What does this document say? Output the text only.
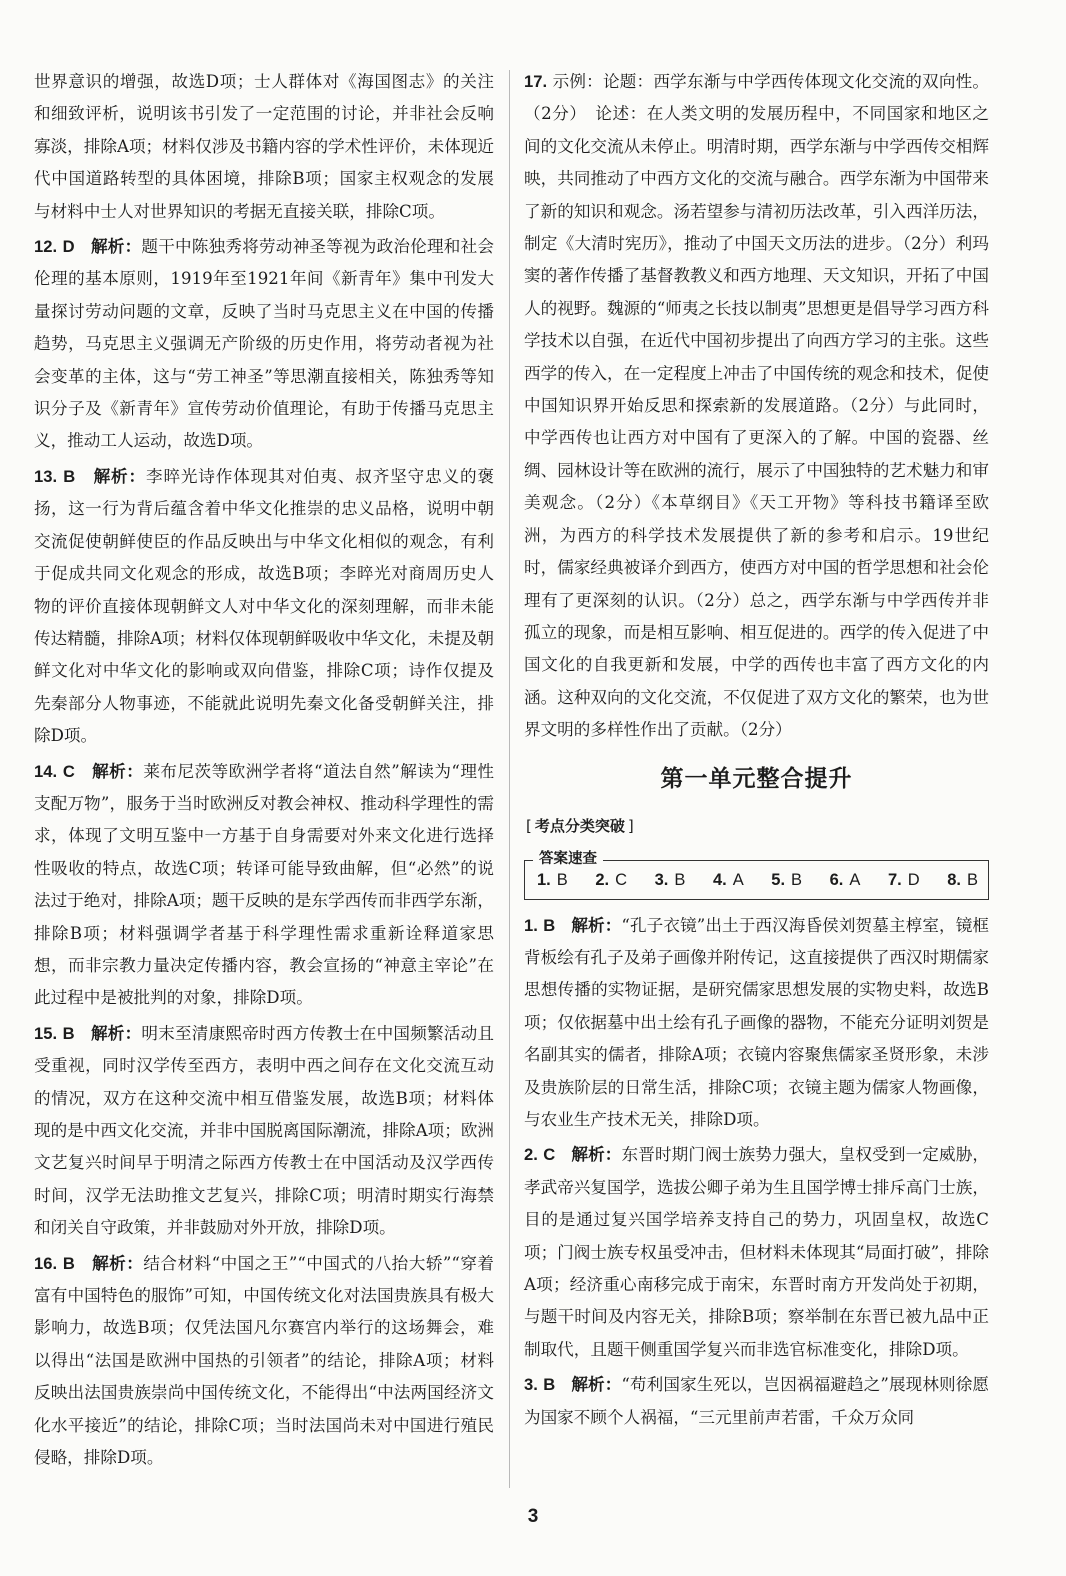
世界意识的增强，故选D项；士人群体对《海国图志》的关注和细致评析，说明该书引发了一定范围的讨论，并非社会反响寡淡，排除A项；材料仅涉及书籍内容的学术性评价，未体现近代中国道路转型的具体困境，排除B项；国家主权观念的发展与材料中士人对世界知识的考据无直接关联，排除C项。

12. D 解析：题干中陈独秀将劳动神圣等视为政治伦理和社会伦理的基本原则，1919年至1921年间《新青年》集中刊发大量探讨劳动问题的文章，反映了当时马克思主义在中国的传播趋势，马克思主义强调无产阶级的历史作用，将劳动者视为社会变革的主体，这与“劳工神圣”等思潮直接相关，陈独秀等知识分子及《新青年》宣传劳动价值理论，有助于传播马克思主义，推动工人运动，故选D项。

13. B 解析：李晬光诗作体现其对伯夷、叔齐坚守忠义的褒扬，这一行为背后蕴含着中华文化推崇的忠义品格，说明中朝交流促使朝鲜使臣的作品反映出与中华文化相似的观念，有利于促成共同文化观念的形成，故选B项；李晬光对商周历史人物的评价直接体现朝鲜文人对中华文化的深刻理解，而非未能传达精髓，排除A项；材料仅体现朝鲜吸收中华文化，未提及朝鲜文化对中华文化的影响或双向借鉴，排除C项；诗作仅提及先秦部分人物事迹，不能就此说明先秦文化备受朝鲜关注，排除D项。

14. C 解析：莱布尼茨等欧洲学者将“道法自然”解读为“理性支配万物”，服务于当时欧洲反对教会神权、推动科学理性的需求，体现了文明互鉴中一方基于自身需要对外来文化进行选择性吸收的特点，故选C项；转译可能导致曲解，但“必然”的说法过于绝对，排除A项；题干反映的是东学西传而非西学东渐，排除B项；材料强调学者基于科学理性需求重新诠释道家思想，而非宗教力量决定传播内容，教会宣扬的“神意主宰论”在此过程中是被批判的对象，排除D项。

15. B 解析：明末至清康熙帝时西方传教士在中国频繁活动且受重视，同时汉学传至西方，表明中西之间存在文化交流互动的情况，双方在这种交流中相互借鉴发展，故选B项；材料体现的是中西文化交流，并非中国脱离国际潮流，排除A项；欧洲文艺复兴时间早于明清之际西方传教士在中国活动及汉学西传时间，汉学无法助推文艺复兴，排除C项；明清时期实行海禁和闭关自守政策，并非鼓励对外开放，排除D项。

16. B 解析：结合材料“中国之王”“中国式的八抬大轿”“穿着富有中国特色的服饰”可知，中国传统文化对法国贵族具有极大影响力，故选B项；仅凭法国凡尔赛宫内举行的这场舞会，难以得出“法国是欧洲中国热的引领者”的结论，排除A项；材料反映出法国贵族崇尚中国传统文化，不能得出“中法两国经济文化水平接近”的结论，排除C项；当时法国尚未对中国进行殖民侵略，排除D项。

17. 示例：论题：西学东渐与中学西传体现文化交流的双向性。（2分）　论述：在人类文明的发展历程中，不同国家和地区之间的文化交流从未停止。明清时期，西学东渐与中学西传交相辉映，共同推动了中西方文化的交流与融合。西学东渐为中国带来了新的知识和观念。汤若望参与清初历法改革，引入西洋历法，制定《大清时宪历》，推动了中国天文历法的进步。（2分）利玛窦的著作传播了基督教教义和西方地理、天文知识，开拓了中国人的视野。魏源的“师夷之长技以制夷”思想更是倡导学习西方科学技术以自强，在近代中国初步提出了向西方学习的主张。这些西学的传入，在一定程度上冲击了中国传统的观念和技术，促使中国知识界开始反思和探索新的发展道路。（2分）与此同时，中学西传也让西方对中国有了更深入的了解。中国的瓷器、丝绸、园林设计等在欧洲的流行，展示了中国独特的艺术魅力和审美观念。（2分）《本草纲目》《天工开物》等科技书籍译至欧洲，为西方的科学技术发展提供了新的参考和启示。19世纪时，儒家经典被译介到西方，使西方对中国的哲学思想和社会伦理有了更深刻的认识。（2分）总之，西学东渐与中学西传并非孤立的现象，而是相互影响、相互促进的。西学的传入促进了中国文化的自我更新和发展，中学的西传也丰富了西方文化的内涵。这种双向的文化交流，不仅促进了双方文化的繁荣，也为世界文明的多样性作出了贡献。（2分）

第一单元整合提升
[ 考点分类突破 ]
答案速查
1. B 2. C 3. B 4. A 5. B 6. A 7. D 8. B

1. B 解析：“孔子衣镜”出土于西汉海昏侯刘贺墓主椁室，镜框背板绘有孔子及弟子画像并附传记，这直接提供了西汉时期儒家思想传播的实物证据，是研究儒家思想发展的实物史料，故选B项；仅依据墓中出土绘有孔子画像的器物，不能充分证明刘贺是名副其实的儒者，排除A项；衣镜内容聚焦儒家圣贤形象，未涉及贵族阶层的日常生活，排除C项；衣镜主题为儒家人物画像，与农业生产技术无关，排除D项。

2. C 解析：东晋时期门阀士族势力强大，皇权受到一定威胁，孝武帝兴复国学，选拔公卿子弟为生且国学博士排斥高门士族，目的是通过复兴国学培养支持自己的势力，巩固皇权，故选C项；门阀士族专权虽受冲击，但材料未体现其“局面打破”，排除A项；经济重心南移完成于南宋，东晋时南方开发尚处于初期，与题干时间及内容无关，排除B项；察举制在东晋已被九品中正制取代，且题干侧重国学复兴而非选官标准变化，排除D项。

3. B 解析：“苟利国家生死以，岂因祸福避趋之”展现林则徐愿为国家不顾个人祸福，“三元里前声若雷，千众万众同

3
